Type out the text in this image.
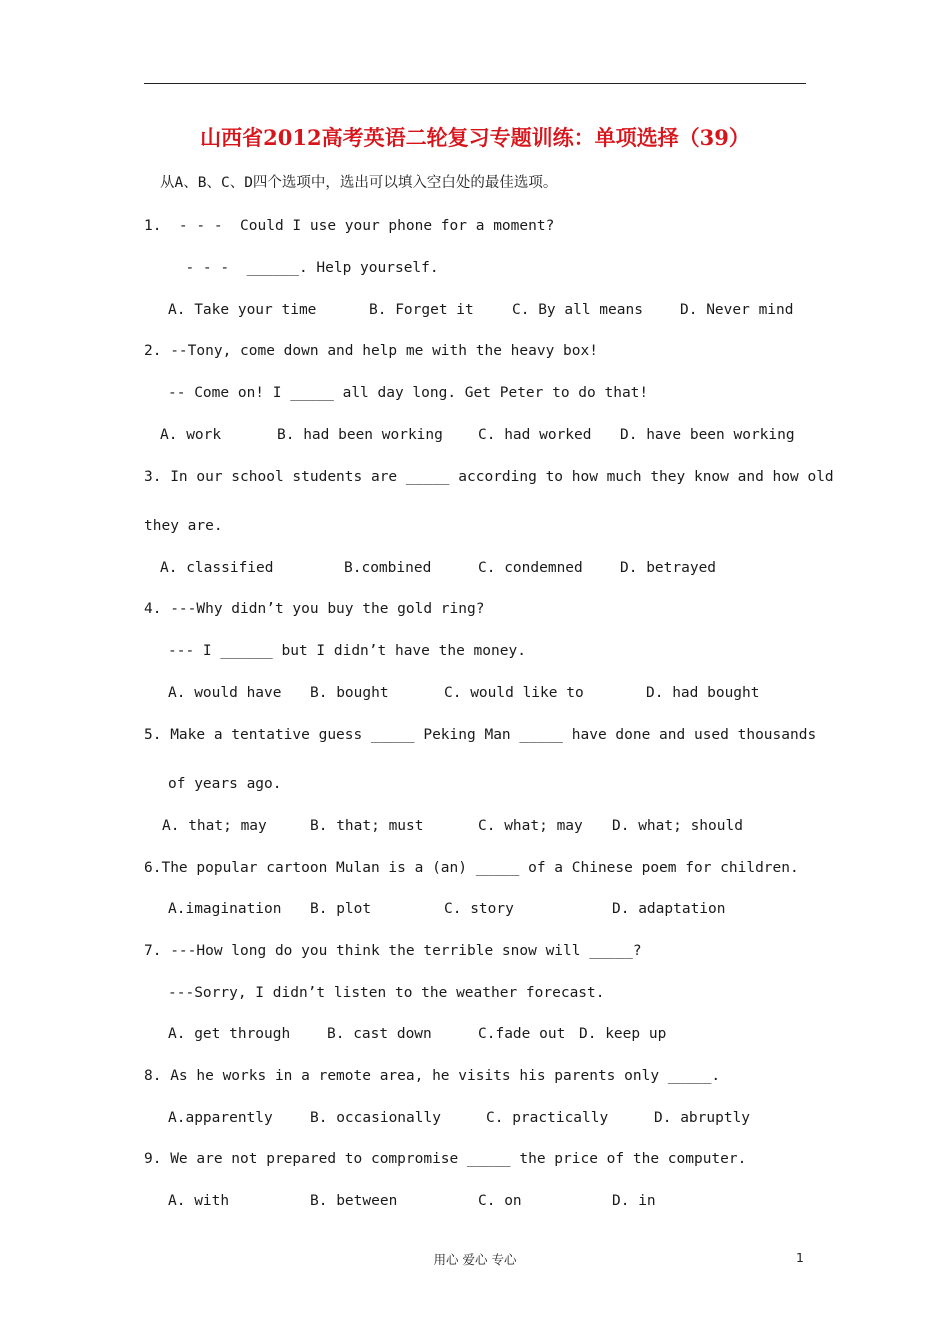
山西省2012高考英语二轮复习专题训练：单项选择（39）
从A、B、C、D四个选项中，选出可以填入空白处的最佳选项。
1.  - - -  Could I use your phone for a moment?
- - -  ______. Help yourself.
A. Take your time	B. Forget it	C. By all means	D. Never mind
2. --Tony, come down and help me with the heavy box!
-- Come on! I _____ all day long. Get Peter to do that!
A. work	B. had been working C. had worked D. have been working
3. In our school students are _____ according to how much they know and how old
they are.
A. classified	B.combined	C. condemned	D. betrayed
4. ---Why didn’t you buy the gold ring?
--- I ______ but I didn’t have the money.
A. would have B. bought	C. would like to	D. had bought
5. Make a tentative guess _____ Peking Man _____ have done and used thousands
of years ago.
A. that; may	B. that; must	C. what; may D. what; should
6.The popular cartoon Mulan is a (an) _____ of a Chinese poem for children.
A.imagination B. plot	C. story	D. adaptation
7. ---How long do you think the terrible snow will _____?
---Sorry, I didn’t listen to the weather forecast.
A. get through	B. cast down	C.fade out D. keep up
8. As he works in a remote area, he visits his parents only _____.
A.apparently	B. occasionally	C. practically	D. abruptly
9. We are not prepared to compromise _____ the price of the computer.
A. with	B. between	C. on	D. in
用心 爱心 专心	1
